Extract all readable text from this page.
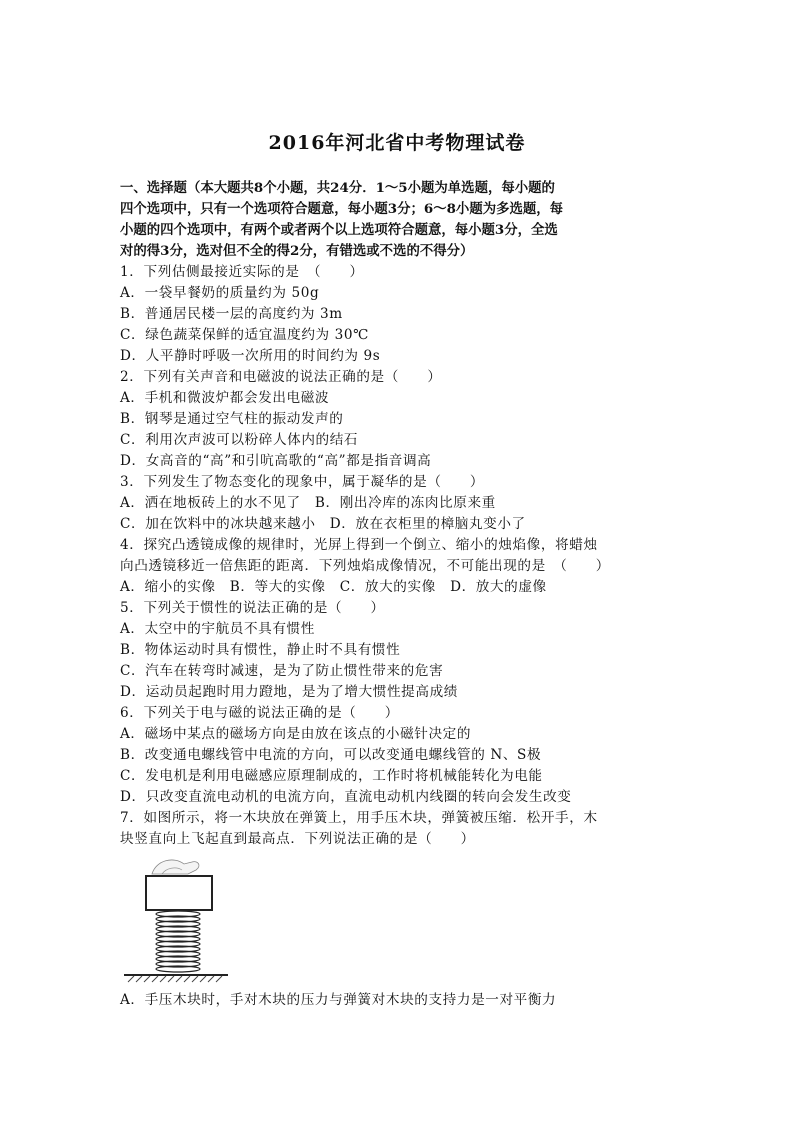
2016年河北省中考物理试卷
一、选择题（本大题共8个小题，共24分．1～5小题为单选题，每小题的
四个选项中，只有一个选项符合题意，每小题3分；6～8小题为多选题，每
小题的四个选项中，有两个或者两个以上选项符合题意，每小题3分，全选
对的得3分，选对但不全的得2分，有错选或不选的不得分）
1．下列估侧最接近实际的是　（　　）
A．一袋早餐奶的质量约为 50g
B．普通居民楼一层的高度约为 3m
C．绿色蔬菜保鲜的适宜温度约为 30℃
D．人平静时呼吸一次所用的时间约为 9s
2．下列有关声音和电磁波的说法正确的是（　　）
A．手机和微波炉都会发出电磁波
B．钢琴是通过空气柱的振动发声的
C．利用次声波可以粉碎人体内的结石
D．女高音的“高”和引吭高歌的“高”都是指音调高
3．下列发生了物态变化的现象中，属于凝华的是（　　）
A．洒在地板砖上的水不见了　B．刚出冷库的冻肉比原来重
C．加在饮料中的冰块越来越小　D．放在衣柜里的樟脑丸变小了
4．探究凸透镜成像的规律时，光屏上得到一个倒立、缩小的烛焰像，将蜡烛
向凸透镜移近一倍焦距的距离．下列烛焰成像情况，不可能出现的是　（　　）
A．缩小的实像　B．等大的实像　C．放大的实像　D．放大的虚像
5．下列关于惯性的说法正确的是（　　）
A．太空中的宇航员不具有惯性
B．物体运动时具有惯性，静止时不具有惯性
C．汽车在转弯时减速，是为了防止惯性带来的危害
D．运动员起跑时用力蹬地，是为了增大惯性提高成绩
6．下列关于电与磁的说法正确的是（　　）
A．磁场中某点的磁场方向是由放在该点的小磁针决定的
B．改变通电螺线管中电流的方向，可以改变通电螺线管的 N、S极
C．发电机是利用电磁感应原理制成的，工作时将机械能转化为电能
D．只改变直流电动机的电流方向，直流电动机内线圈的转向会发生改变
7．如图所示，将一木块放在弹簧上，用手压木块，弹簧被压缩．松开手，木
块竖直向上飞起直到最高点．下列说法正确的是（　　）
A．手压木块时，手对木块的压力与弹簧对木块的支持力是一对平衡力
